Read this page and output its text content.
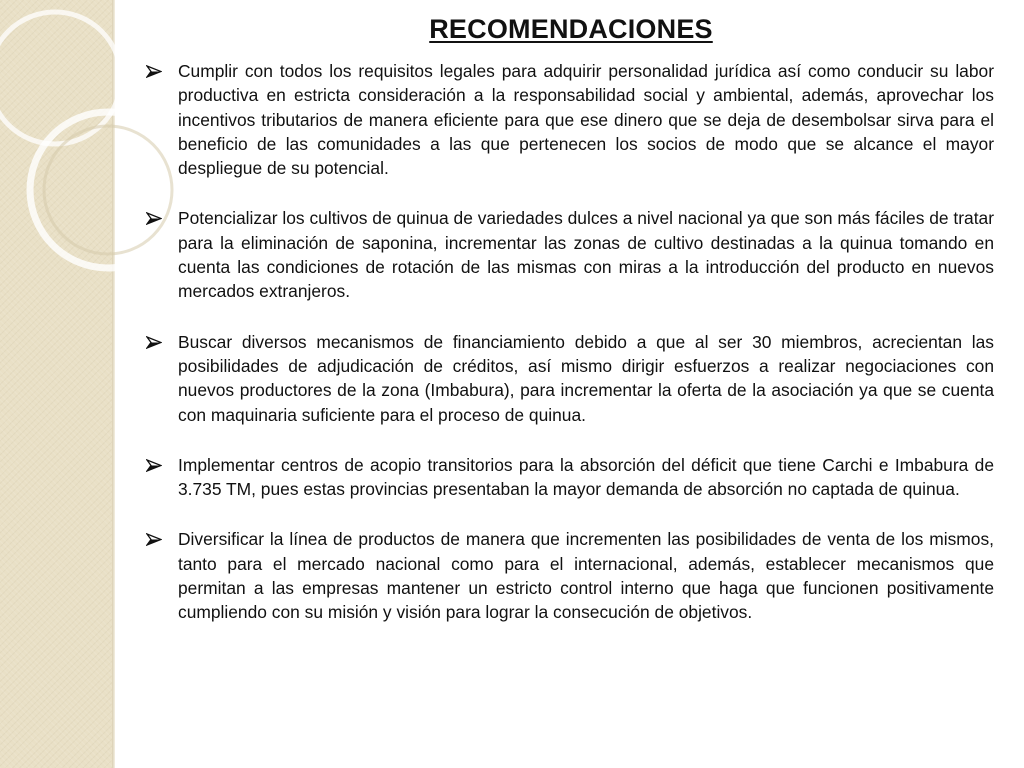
RECOMENDACIONES
Cumplir con todos los requisitos legales para adquirir personalidad jurídica así como conducir su labor productiva en estricta consideración a la responsabilidad social y ambiental, además, aprovechar los incentivos tributarios de manera eficiente para que ese dinero que se deja de desembolsar sirva para el beneficio de las comunidades a las que pertenecen los socios de modo que se alcance el mayor despliegue de su potencial.
Potencializar los cultivos de quinua de variedades dulces a nivel nacional ya que son más fáciles de tratar para la eliminación de saponina, incrementar las zonas de cultivo destinadas a la quinua tomando en cuenta las condiciones de rotación de las mismas con miras a la introducción del producto en nuevos mercados extranjeros.
Buscar diversos mecanismos de financiamiento debido a que al ser 30 miembros, acrecientan las posibilidades de adjudicación de créditos, así mismo dirigir esfuerzos a realizar negociaciones con nuevos productores de la zona (Imbabura), para incrementar la oferta de la asociación ya que se cuenta con maquinaria suficiente para el proceso de quinua.
Implementar centros de acopio transitorios para la absorción del déficit que tiene Carchi e Imbabura de 3.735 TM, pues estas provincias presentaban la mayor demanda de absorción no captada de quinua.
Diversificar la línea de productos de manera que incrementen las posibilidades de venta de los mismos, tanto para el mercado nacional como para el internacional, además, establecer mecanismos que permitan a las empresas mantener un estricto control interno que haga que funcionen positivamente cumpliendo con su misión y visión para lograr la consecución de objetivos.
